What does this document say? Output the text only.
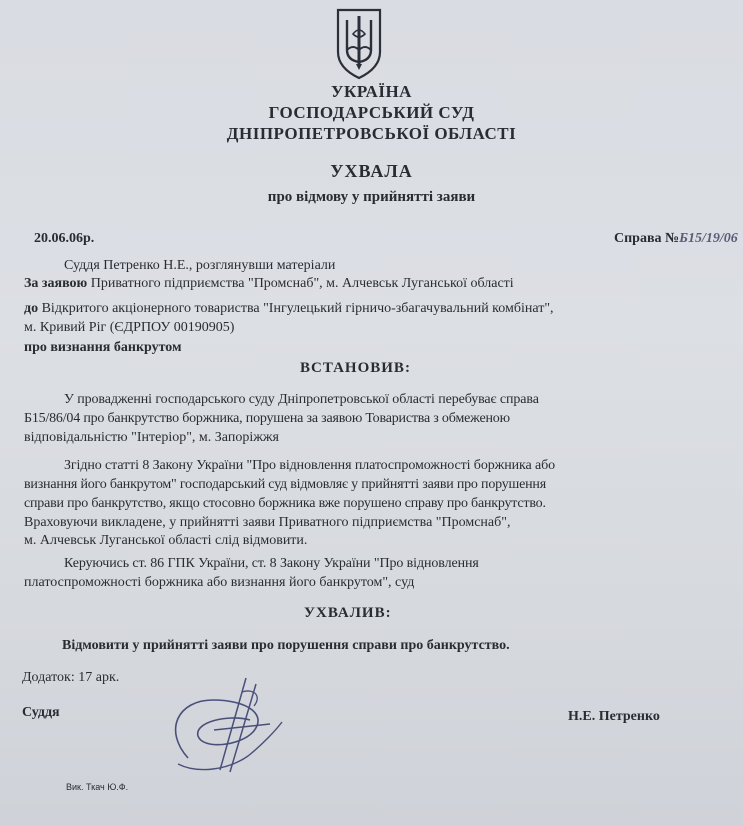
УКРАЇНА
ГОСПОДАРСЬКИЙ СУД
ДНІПРОПЕТРОВСЬКОЇ ОБЛАСТІ
УХВАЛА
про відмову у прийнятті заяви
20.06.06р.	Справа №Б15/19/06
Суддя Петренко Н.Е., розглянувши матеріали
За заявою Приватного підприємства "Промснаб", м. Алчевськ Луганської області
до Відкритого акціонерного товариства "Інгулецький гірничо-збагачувальний комбінат",
м. Кривий Ріг (ЄДРПОУ 00190905)
про визнання банкрутом
ВСТАНОВИВ:
У провадженні господарського суду Дніпропетровської області перебуває справа
Б15/86/04 про банкрутство боржника, порушена за заявою Товариства з обмеженою
відповідальністю "Інтеріор", м. Запоріжжя
Згідно статті 8 Закону України "Про відновлення платоспроможності боржника або
визнання його банкрутом" господарський суд відмовляє у прийнятті заяви про порушення
справи про банкрутство, якщо стосовно боржника вже порушено справу про банкрутство.
Враховуючи викладене, у прийнятті заяви Приватного підприємства "Промснаб",
м. Алчевськ Луганської області слід відмовити.
Керуючись ст. 86 ГПК України, ст. 8 Закону України "Про відновлення
платоспроможності боржника або визнання його банкрутом", суд
УХВАЛИВ:
Відмовити у прийнятті заяви про порушення справи про банкрутство.
Додаток: 17 арк.
Суддя	Н.Е. Петренко
Вик. Ткач Ю.Ф.
